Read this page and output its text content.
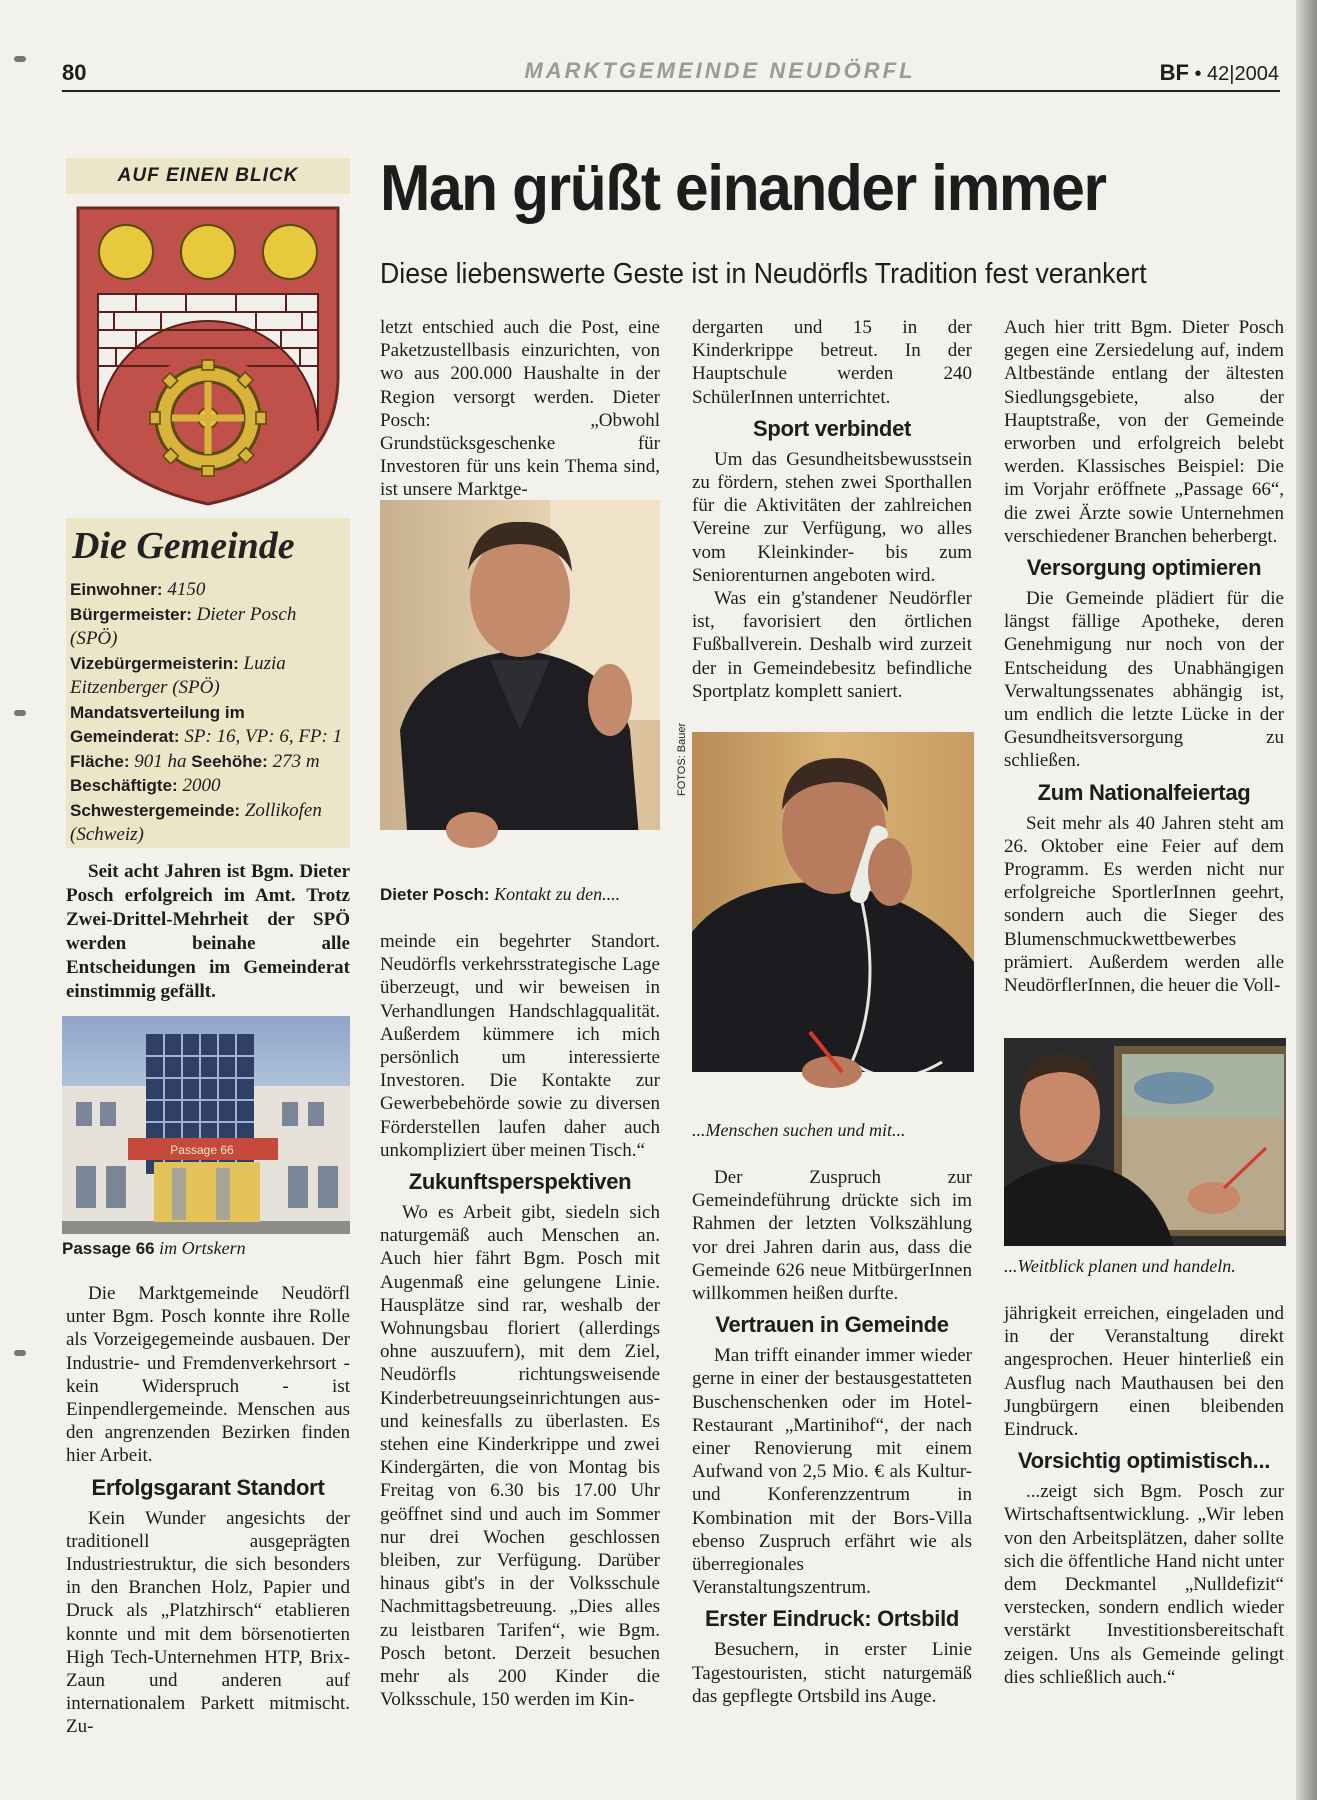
80	MARKTGEMEINDE NEUDÖRFL	BF • 42|2004
AUF EINEN BLICK
Die Gemeinde
Einwohner: 4150
Bürgermeister: Dieter Posch (SPÖ)
Vizebürgermeisterin: Luzia Eitzenberger (SPÖ)
Mandatsverteilung im Gemeinderat: SP: 16, VP: 6, FP: 1
Fläche: 901 ha Seehöhe: 273 m
Beschäftigte: 2000
Schwestergemeinde: Zollikofen (Schweiz)

Seit acht Jahren ist Bgm. Dieter Posch erfolgreich im Amt. Trotz Zwei-Drittel-Mehrheit der SPÖ werden beinahe alle Entscheidungen im Gemeinderat einstimmig gefällt.

Passage 66
Passage 66 im Ortskern
Man grüßt einander immer
Diese liebenswerte Geste ist in Neudörfls Tradition fest verankert

Die Marktgemeinde Neudörfl unter Bgm. Posch konnte ihre Rolle als Vorzeigegemeinde ausbauen. Der Industrie- und Fremdenverkehrsort - kein Widerspruch - ist Einpendlergemeinde. Menschen aus den angrenzenden Bezirken finden hier Arbeit.

Erfolgsgarant Standort

Kein Wunder angesichts der traditionell ausgeprägten Industriestruktur, die sich besonders in den Branchen Holz, Papier und Druck als „Platzhirsch“ etablieren konnte und mit dem börsenotierten High Tech-Unternehmen HTP, Brix-Zaun und anderen auf internationalem Parkett mitmischt. Zu-

letzt entschied auch die Post, eine Paketzustellbasis einzurichten, von wo aus 200.000 Haushalte in der Region versorgt werden. Dieter Posch: „Obwohl Grundstücksgeschenke für Investoren für uns kein Thema sind, ist unsere Marktge-

FOTOS: Bauer
Dieter Posch: Kontakt zu den....

meinde ein begehrter Standort. Neudörfls verkehrsstrategische Lage überzeugt, und wir beweisen in Verhandlungen Handschlagqualität. Außerdem kümmere ich mich persönlich um interessierte Investoren. Die Kontakte zur Gewerbebehörde sowie zu diversen Förderstellen laufen daher auch unkompliziert über meinen Tisch.“

Zukunftsperspektiven

Wo es Arbeit gibt, siedeln sich naturgemäß auch Menschen an. Auch hier fährt Bgm. Posch mit Augenmaß eine gelungene Linie. Hausplätze sind rar, weshalb der Wohnungsbau floriert (allerdings ohne auszuufern), mit dem Ziel, Neudörfls richtungsweisende Kinderbetreuungseinrichtungen aus- und keinesfalls zu überlasten. Es stehen eine Kinderkrippe und zwei Kindergärten, die von Montag bis Freitag von 6.30 bis 17.00 Uhr geöffnet sind und auch im Sommer nur drei Wochen geschlossen bleiben, zur Verfügung. Darüber hinaus gibt's in der Volksschule Nachmittagsbetreuung. „Dies alles zu leistbaren Tarifen“, wie Bgm. Posch betont. Derzeit besuchen mehr als 200 Kinder die Volksschule, 150 werden im Kin-

dergarten und 15 in der Kinderkrippe betreut. In der Hauptschule werden 240 SchülerInnen unterrichtet.

Sport verbindet

Um das Gesundheitsbewusstsein zu fördern, stehen zwei Sporthallen für die Aktivitäten der zahlreichen Vereine zur Verfügung, wo alles vom Kleinkinder- bis zum Seniorenturnen angeboten wird.

Was ein g'standener Neudörfler ist, favorisiert den örtlichen Fußballverein. Deshalb wird zurzeit der in Gemeindebesitz befindliche Sportplatz komplett saniert.

...Menschen suchen und mit...

Der Zuspruch zur Gemeindeführung drückte sich im Rahmen der letzten Volkszählung vor drei Jahren darin aus, dass die Gemeinde 626 neue MitbürgerInnen willkommen heißen durfte.

Vertrauen in Gemeinde

Man trifft einander immer wieder gerne in einer der bestausgestatteten Buschenschenken oder im Hotel-Restaurant „Martinihof“, der nach einer Renovierung mit einem Aufwand von 2,5 Mio. € als Kultur-und Konferenzzentrum in Kombination mit der Bors-Villa ebenso Zuspruch erfährt wie als überregionales Veranstaltungszentrum.

Erster Eindruck: Ortsbild

Besuchern, in erster Linie Tagestouristen, sticht naturgemäß das gepflegte Ortsbild ins Auge.

Auch hier tritt Bgm. Dieter Posch gegen eine Zersiedelung auf, indem Altbestände entlang der ältesten Siedlungsgebiete, also der Hauptstraße, von der Gemeinde erworben und erfolgreich belebt werden. Klassisches Beispiel: Die im Vorjahr eröffnete „Passage 66“, die zwei Ärzte sowie Unternehmen verschiedener Branchen beherbergt.

Versorgung optimieren

Die Gemeinde plädiert für die längst fällige Apotheke, deren Genehmigung nur noch von der Entscheidung des Unabhängigen Verwaltungssenates abhängig ist, um endlich die letzte Lücke in der Gesundheitsversorgung zu schließen.

Zum Nationalfeiertag

Seit mehr als 40 Jahren steht am 26. Oktober eine Feier auf dem Programm. Es werden nicht nur erfolgreiche SportlerInnen geehrt, sondern auch die Sieger des Blumenschmuckwettbewerbes prämiert. Außerdem werden alle NeudörflerInnen, die heuer die Voll-

...Weitblick planen und handeln.

jährigkeit erreichen, eingeladen und in der Veranstaltung direkt angesprochen. Heuer hinterließ ein Ausflug nach Mauthausen bei den Jungbürgern einen bleibenden Eindruck.

Vorsichtig optimistisch...

...zeigt sich Bgm. Posch zur Wirtschaftsentwicklung. „Wir leben von den Arbeitsplätzen, daher sollte sich die öffentliche Hand nicht unter dem Deckmantel „Nulldefizit“ verstecken, sondern endlich wieder verstärkt Investitionsbereitschaft zeigen. Uns als Gemeinde gelingt dies schließlich auch.“
